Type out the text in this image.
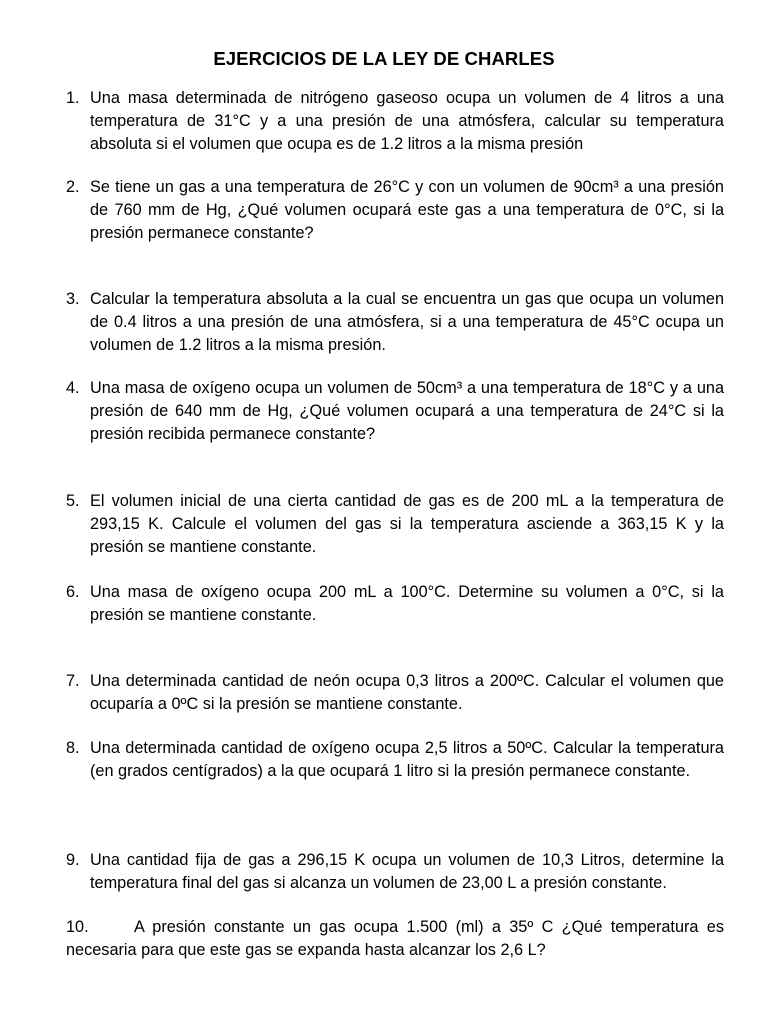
EJERCICIOS DE LA LEY DE CHARLES
1. Una masa determinada de nitrógeno gaseoso ocupa un volumen de 4 litros a una temperatura de 31°C y a una presión de una atmósfera, calcular su temperatura absoluta si el volumen que ocupa es de 1.2 litros a la misma presión
2. Se tiene un gas a una temperatura de 26°C y con un volumen de 90cm³ a una presión de 760 mm de Hg, ¿Qué volumen ocupará este gas a una temperatura de 0°C, si la presión permanece constante?
3. Calcular la temperatura absoluta a la cual se encuentra un gas que ocupa un volumen de 0.4 litros a una presión de una atmósfera, si a una temperatura de 45°C ocupa un volumen de 1.2 litros a la misma presión.
4. Una masa de oxígeno ocupa un volumen de 50cm³ a una temperatura de 18°C y a una presión de 640 mm de Hg, ¿Qué volumen ocupará a una temperatura de 24°C si la presión recibida permanece constante?
5. El volumen inicial de una cierta cantidad de gas es de 200 mL a la temperatura de 293,15 K. Calcule el volumen del gas si la temperatura asciende a 363,15 K y la presión se mantiene constante.
6. Una masa de oxígeno ocupa 200 mL a 100°C. Determine su volumen a 0°C, si la presión se mantiene constante.
7. Una determinada cantidad de neón ocupa 0,3 litros a 200ºC. Calcular el volumen que ocuparía a 0ºC si la presión se mantiene constante.
8. Una determinada cantidad de oxígeno ocupa 2,5 litros a 50ºC. Calcular la temperatura (en grados centígrados) a la que ocupará 1 litro si la presión permanece constante.
9. Una cantidad fija de gas a 296,15 K ocupa un volumen de 10,3 Litros, determine la temperatura final del gas si alcanza un volumen de 23,00 L a presión constante.
10.	A presión constante un gas ocupa 1.500 (ml) a 35º C ¿Qué temperatura es necesaria para que este gas se expanda hasta alcanzar los 2,6 L?
